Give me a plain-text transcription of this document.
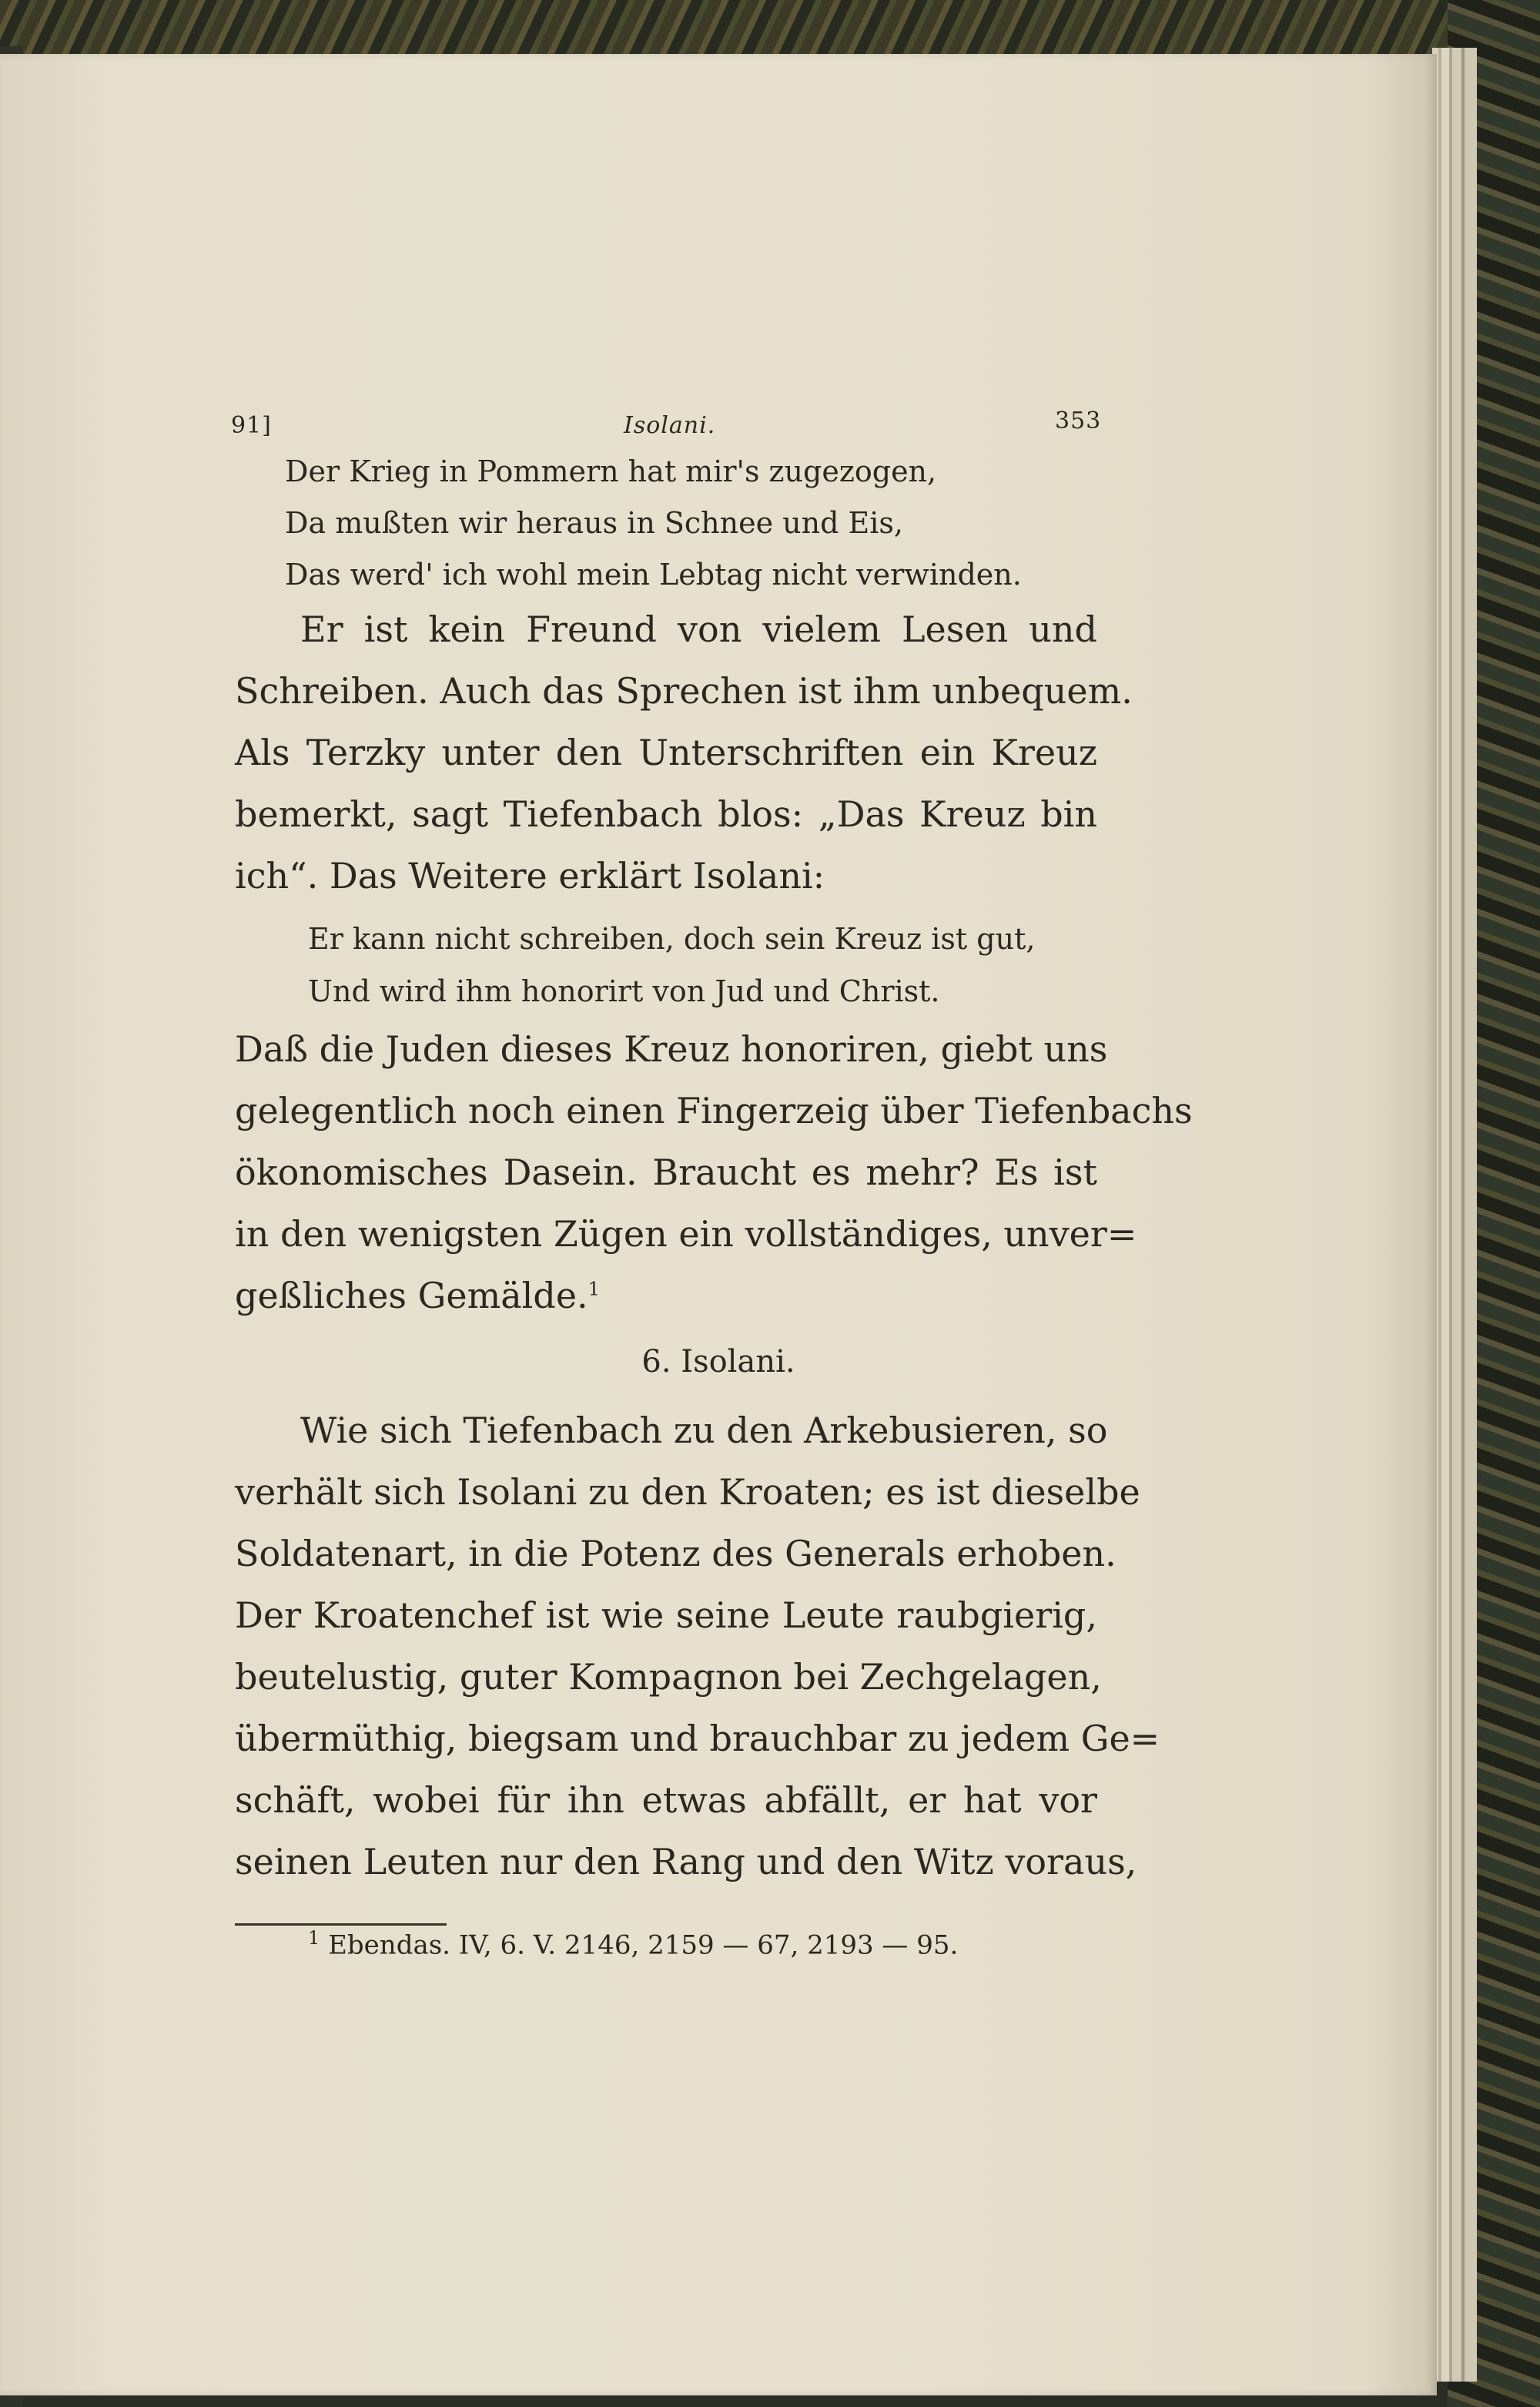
91]	Isolani.	353
Der Krieg in Pommern hat mir's zugezogen,
Da mußten wir heraus in Schnee und Eis,
Das werd' ich wohl mein Lebtag nicht verwinden.
Er ist kein Freund von vielem Lesen und
Schreiben. Auch das Sprechen ist ihm unbequem.
Als Terzky unter den Unterschriften ein Kreuz
bemerkt, sagt Tiefenbach blos: „Das Kreuz bin
ich“. Das Weitere erklärt Isolani:
Er kann nicht schreiben, doch sein Kreuz ist gut,
Und wird ihm honorirt von Jud und Christ.
Daß die Juden dieses Kreuz honoriren, giebt uns
gelegentlich noch einen Fingerzeig über Tiefenbachs
ökonomisches Dasein. Braucht es mehr? Es ist
in den wenigsten Zügen ein vollständiges, unver=
geßliches Gemälde.$^1$
6. Isolani.
Wie sich Tiefenbach zu den Arkebusieren, so
verhält sich Isolani zu den Kroaten; es ist dieselbe
Soldatenart, in die Potenz des Generals erhoben.
Der Kroatenchef ist wie seine Leute raubgierig,
beutelustig, guter Kompagnon bei Zechgelagen,
übermüthig, biegsam und brauchbar zu jedem Ge=
schäft, wobei für ihn etwas abfällt, er hat vor
seinen Leuten nur den Rang und den Witz voraus,
$^1$ Ebendas. IV, 6. V. 2146, 2159 — 67, 2193 — 95.
